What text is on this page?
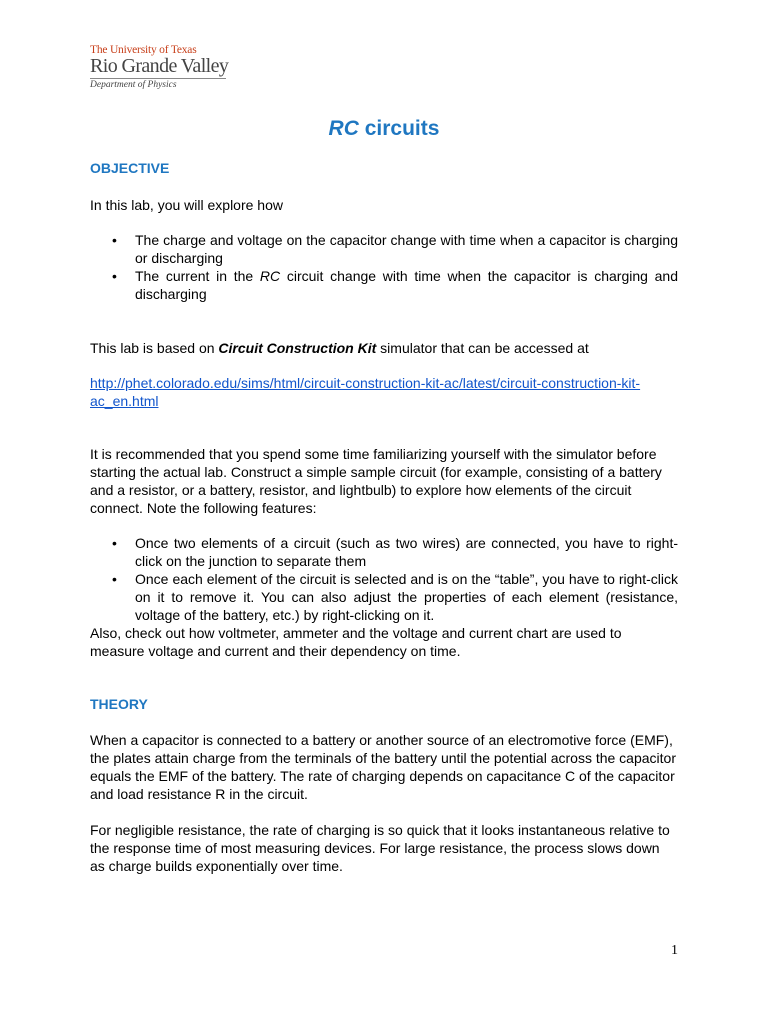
The University of Texas
Rio Grande Valley
Department of Physics
RC circuits
OBJECTIVE

In this lab, you will explore how

• The charge and voltage on the capacitor change with time when a capacitor is charging or discharging
• The current in the RC circuit change with time when the capacitor is charging and discharging

This lab is based on Circuit Construction Kit simulator that can be accessed at

http://phet.colorado.edu/sims/html/circuit-construction-kit-ac/latest/circuit-construction-kit-ac_en.html

It is recommended that you spend some time familiarizing yourself with the simulator before starting the actual lab. Construct a simple sample circuit (for example, consisting of a battery and a resistor, or a battery, resistor, and lightbulb) to explore how elements of the circuit connect. Note the following features:

• Once two elements of a circuit (such as two wires) are connected, you have to right-click on the junction to separate them
• Once each element of the circuit is selected and is on the “table”, you have to right-click on it to remove it. You can also adjust the properties of each element (resistance, voltage of the battery, etc.) by right-clicking on it.

Also, check out how voltmeter, ammeter and the voltage and current chart are used to measure voltage and current and their dependency on time.

THEORY

When a capacitor is connected to a battery or another source of an electromotive force (EMF), the plates attain charge from the terminals of the battery until the potential across the capacitor equals the EMF of the battery. The rate of charging depends on capacitance C of the capacitor and load resistance R in the circuit.

For negligible resistance, the rate of charging is so quick that it looks instantaneous relative to the response time of most measuring devices. For large resistance, the process slows down as charge builds exponentially over time.

1
